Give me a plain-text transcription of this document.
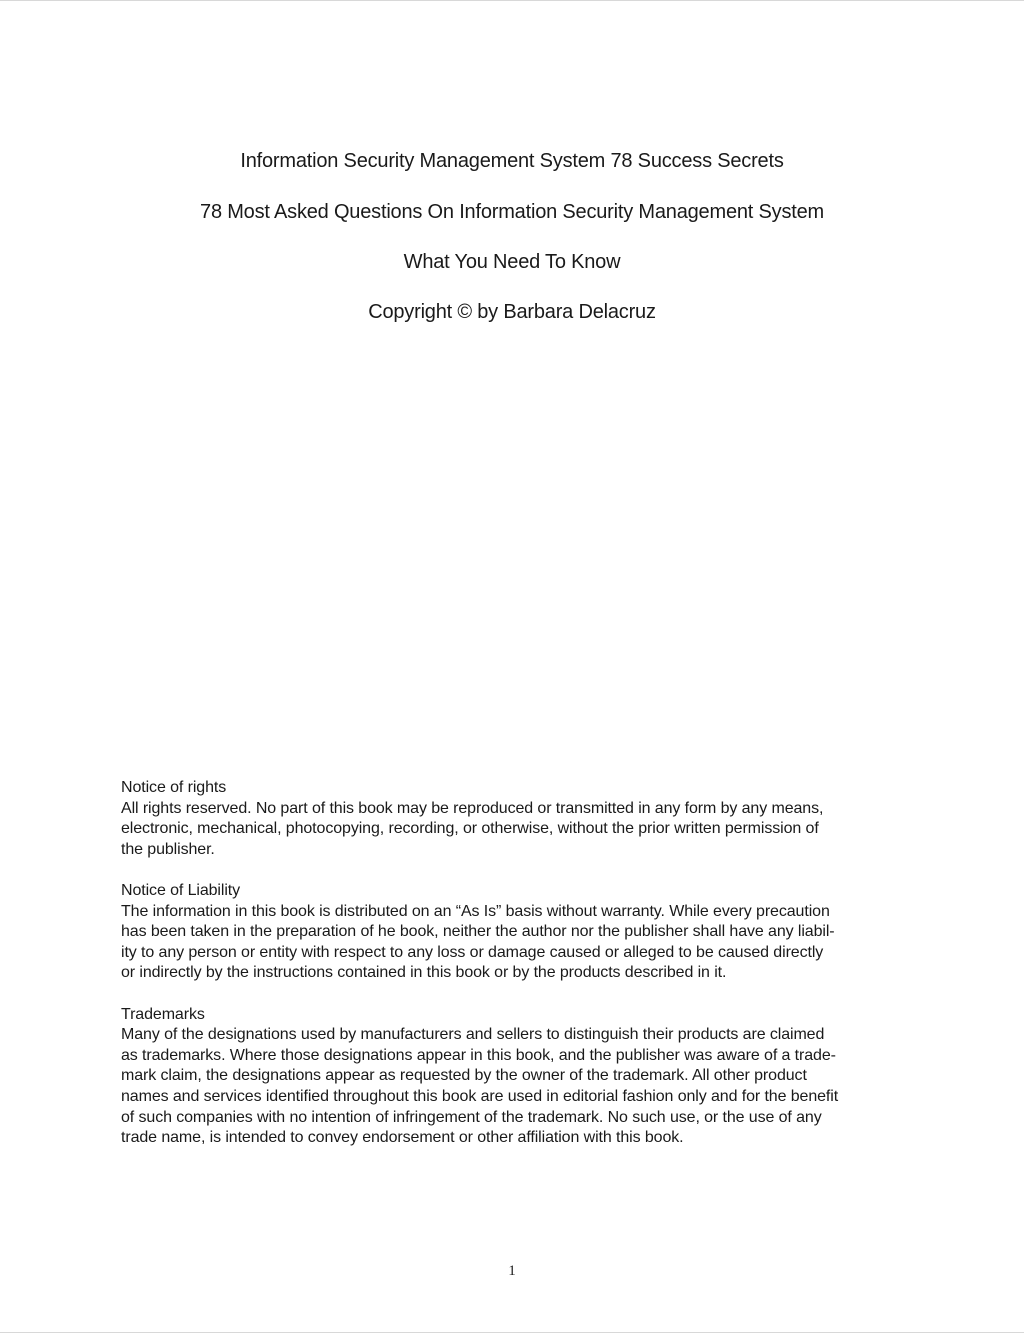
Information Security Management System 78 Success Secrets
78 Most Asked Questions On Information Security Management System
What You Need To Know
Copyright © by Barbara Delacruz
Notice of rights
All rights reserved. No part of this book may be reproduced or transmitted in any form by any means,
electronic, mechanical, photocopying, recording, or otherwise, without the prior written permission of
the publisher.
Notice of Liability
The information in this book is distributed on an “As Is” basis without warranty. While every precaution
has been taken in the preparation of he book, neither the author nor the publisher shall have any liabil-
ity to any person or entity with respect to any loss or damage caused or alleged to be caused directly
or indirectly by the instructions contained in this book or by the products described in it.
Trademarks
Many of the designations used by manufacturers and sellers to distinguish their products are claimed
as trademarks. Where those designations appear in this book, and the publisher was aware of a trade-
mark claim, the designations appear as requested by the owner of the trademark. All other product
names and services identified throughout this book are used in editorial fashion only and for the benefit
of such companies with no intention of infringement of the trademark. No such use, or the use of any
trade name, is intended to convey endorsement or other affiliation with this book.
1
